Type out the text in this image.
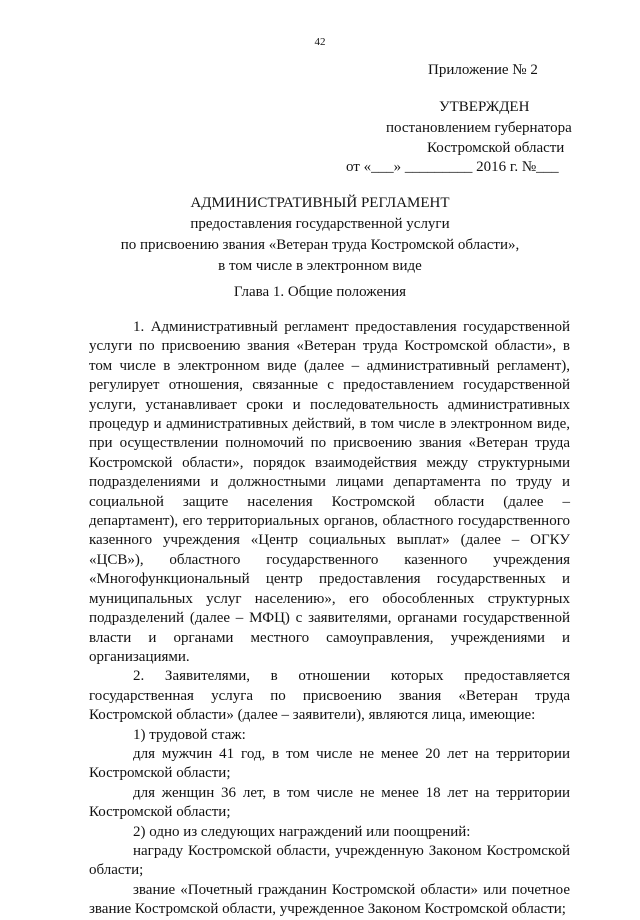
42
Приложение № 2
УТВЕРЖДЕН
постановлением губернатора
Костромской области
от «___» _________ 2016 г. №___
АДМИНИСТРАТИВНЫЙ РЕГЛАМЕНТ
предоставления государственной услуги
по присвоению звания «Ветеран труда Костромской области»,
в том числе в электронном виде
Глава 1. Общие положения

1. Административный регламент предоставления государственной услуги по присвоению звания «Ветеран труда Костромской области», в том числе в электронном виде (далее – административный регламент), регулирует отношения, связанные с предоставлением государственной услуги, устанавливает сроки и последовательность административных процедур и административных действий, в том числе в электронном виде, при осуществлении полномочий по присвоению звания «Ветеран труда Костромской области», порядок взаимодействия между структурными подразделениями и должностными лицами департамента по труду и социальной защите населения Костромской области (далее – департамент), его территориальных органов, областного государственного казенного учреждения «Центр социальных выплат» (далее – ОГКУ «ЦСВ»), областного государственного казенного учреждения «Многофункциональный центр предоставления государственных и муниципальных услуг населению», его обособленных структурных подразделений (далее – МФЦ) с заявителями, органами государственной власти и органами местного самоуправления, учреждениями и организациями.

2. Заявителями, в отношении которых предоставляется государственная услуга по присвоению звания «Ветеран труда Костромской области» (далее – заявители), являются лица, имеющие:

1) трудовой стаж:

для мужчин 41 год, в том числе не менее 20 лет на территории Костромской области;

для женщин 36 лет, в том числе не менее 18 лет на территории Костромской области;

2) одно из следующих награждений или поощрений:

награду Костромской области, учрежденную Законом Костромской области;

звание «Почетный гражданин Костромской области» или почетное звание Костромской области, учрежденное Законом Костромской области;
